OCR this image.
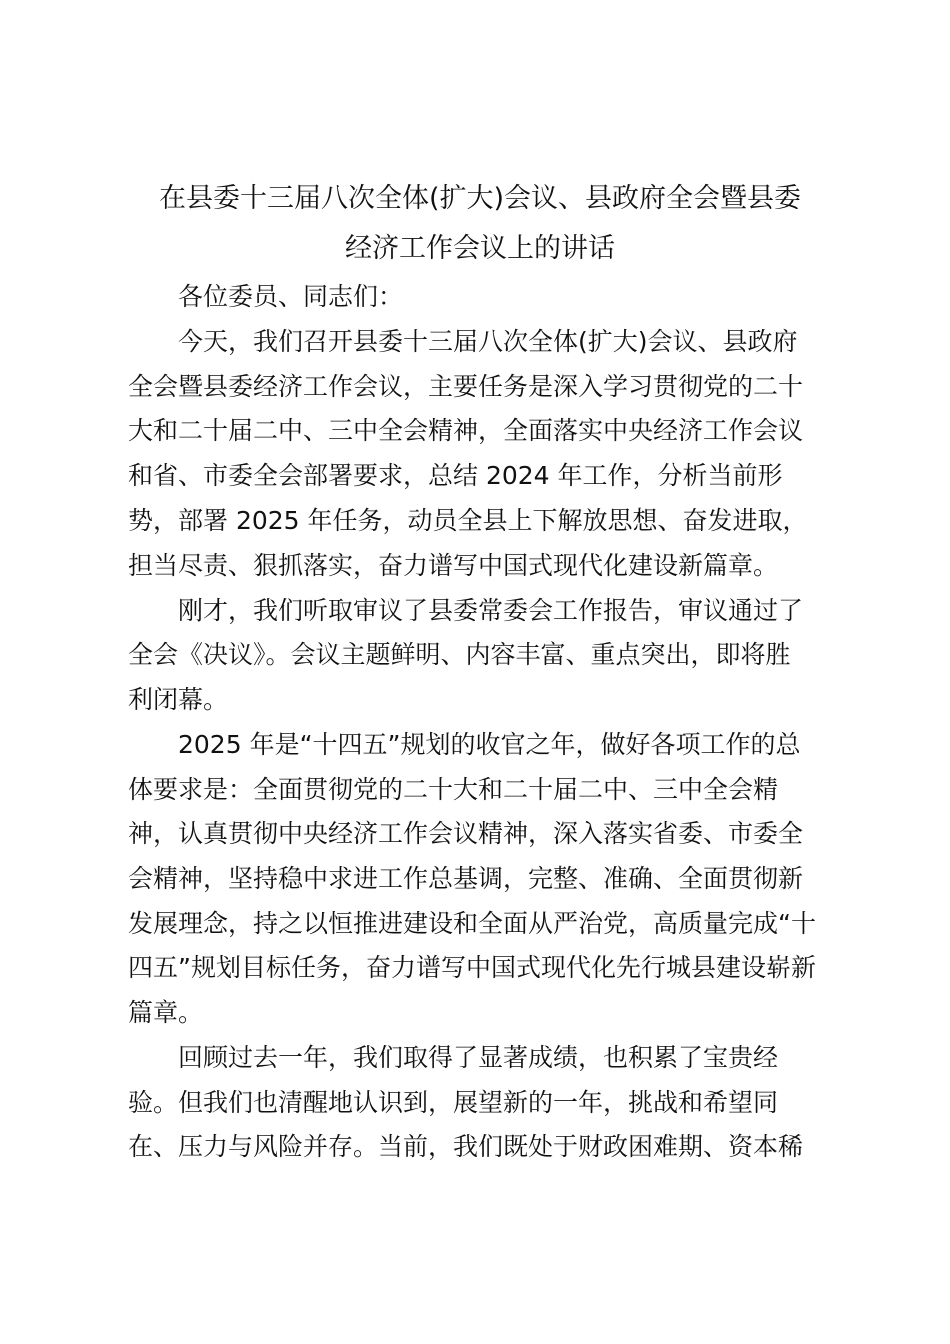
在县委十三届八次全体(扩大)会议、县政府全会暨县委
经济工作会议上的讲话

各位委员、同志们：

今天，我们召开县委十三届八次全体(扩大)会议、县政府

全会暨县委经济工作会议，主要任务是深入学习贯彻党的二十

大和二十届二中、三中全会精神，全面落实中央经济工作会议

和省、市委全会部署要求，总结 2024 年工作，分析当前形

势，部署 2025 年任务，动员全县上下解放思想、奋发进取，

担当尽责、狠抓落实，奋力谱写中国式现代化建设新篇章。

刚才，我们听取审议了县委常委会工作报告，审议通过了

全会《决议》。会议主题鲜明、内容丰富、重点突出，即将胜

利闭幕。

2025 年是“十四五”规划的收官之年，做好各项工作的总

体要求是：全面贯彻党的二十大和二十届二中、三中全会精

神，认真贯彻中央经济工作会议精神，深入落实省委、市委全

会精神，坚持稳中求进工作总基调，完整、准确、全面贯彻新

发展理念，持之以恒推进建设和全面从严治党，高质量完成“十

四五”规划目标任务，奋力谱写中国式现代化先行城县建设崭新

篇章。

回顾过去一年，我们取得了显著成绩，也积累了宝贵经

验。但我们也清醒地认识到，展望新的一年，挑战和希望同

在、压力与风险并存。当前，我们既处于财政困难期、资本稀
